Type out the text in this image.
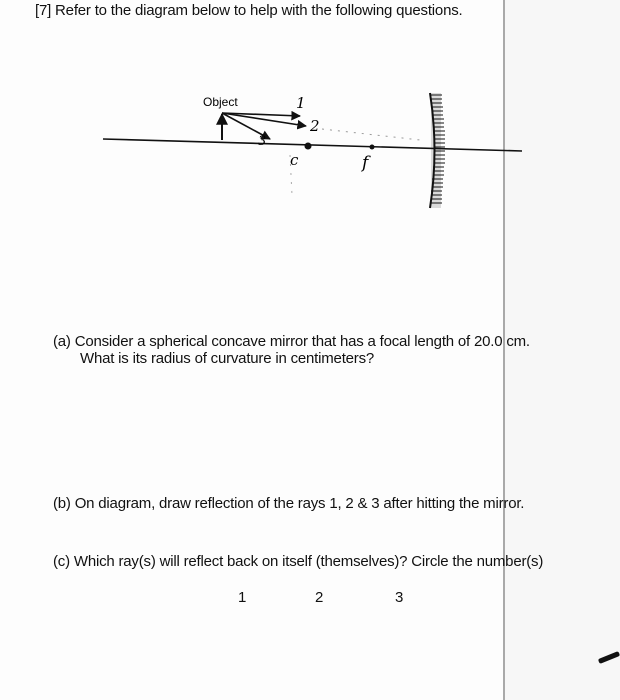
[7] Refer to the diagram below to help with the following questions.
Object	1
2
3
c	f
(a) Consider a spherical concave mirror that has a focal length of 20.0 cm.
What is its radius of curvature in centimeters?
(b) On diagram, draw reflection of the rays 1, 2 & 3 after hitting the mirror.
(c) Which ray(s) will reflect back on itself (themselves)? Circle the number(s)
1	2	3
